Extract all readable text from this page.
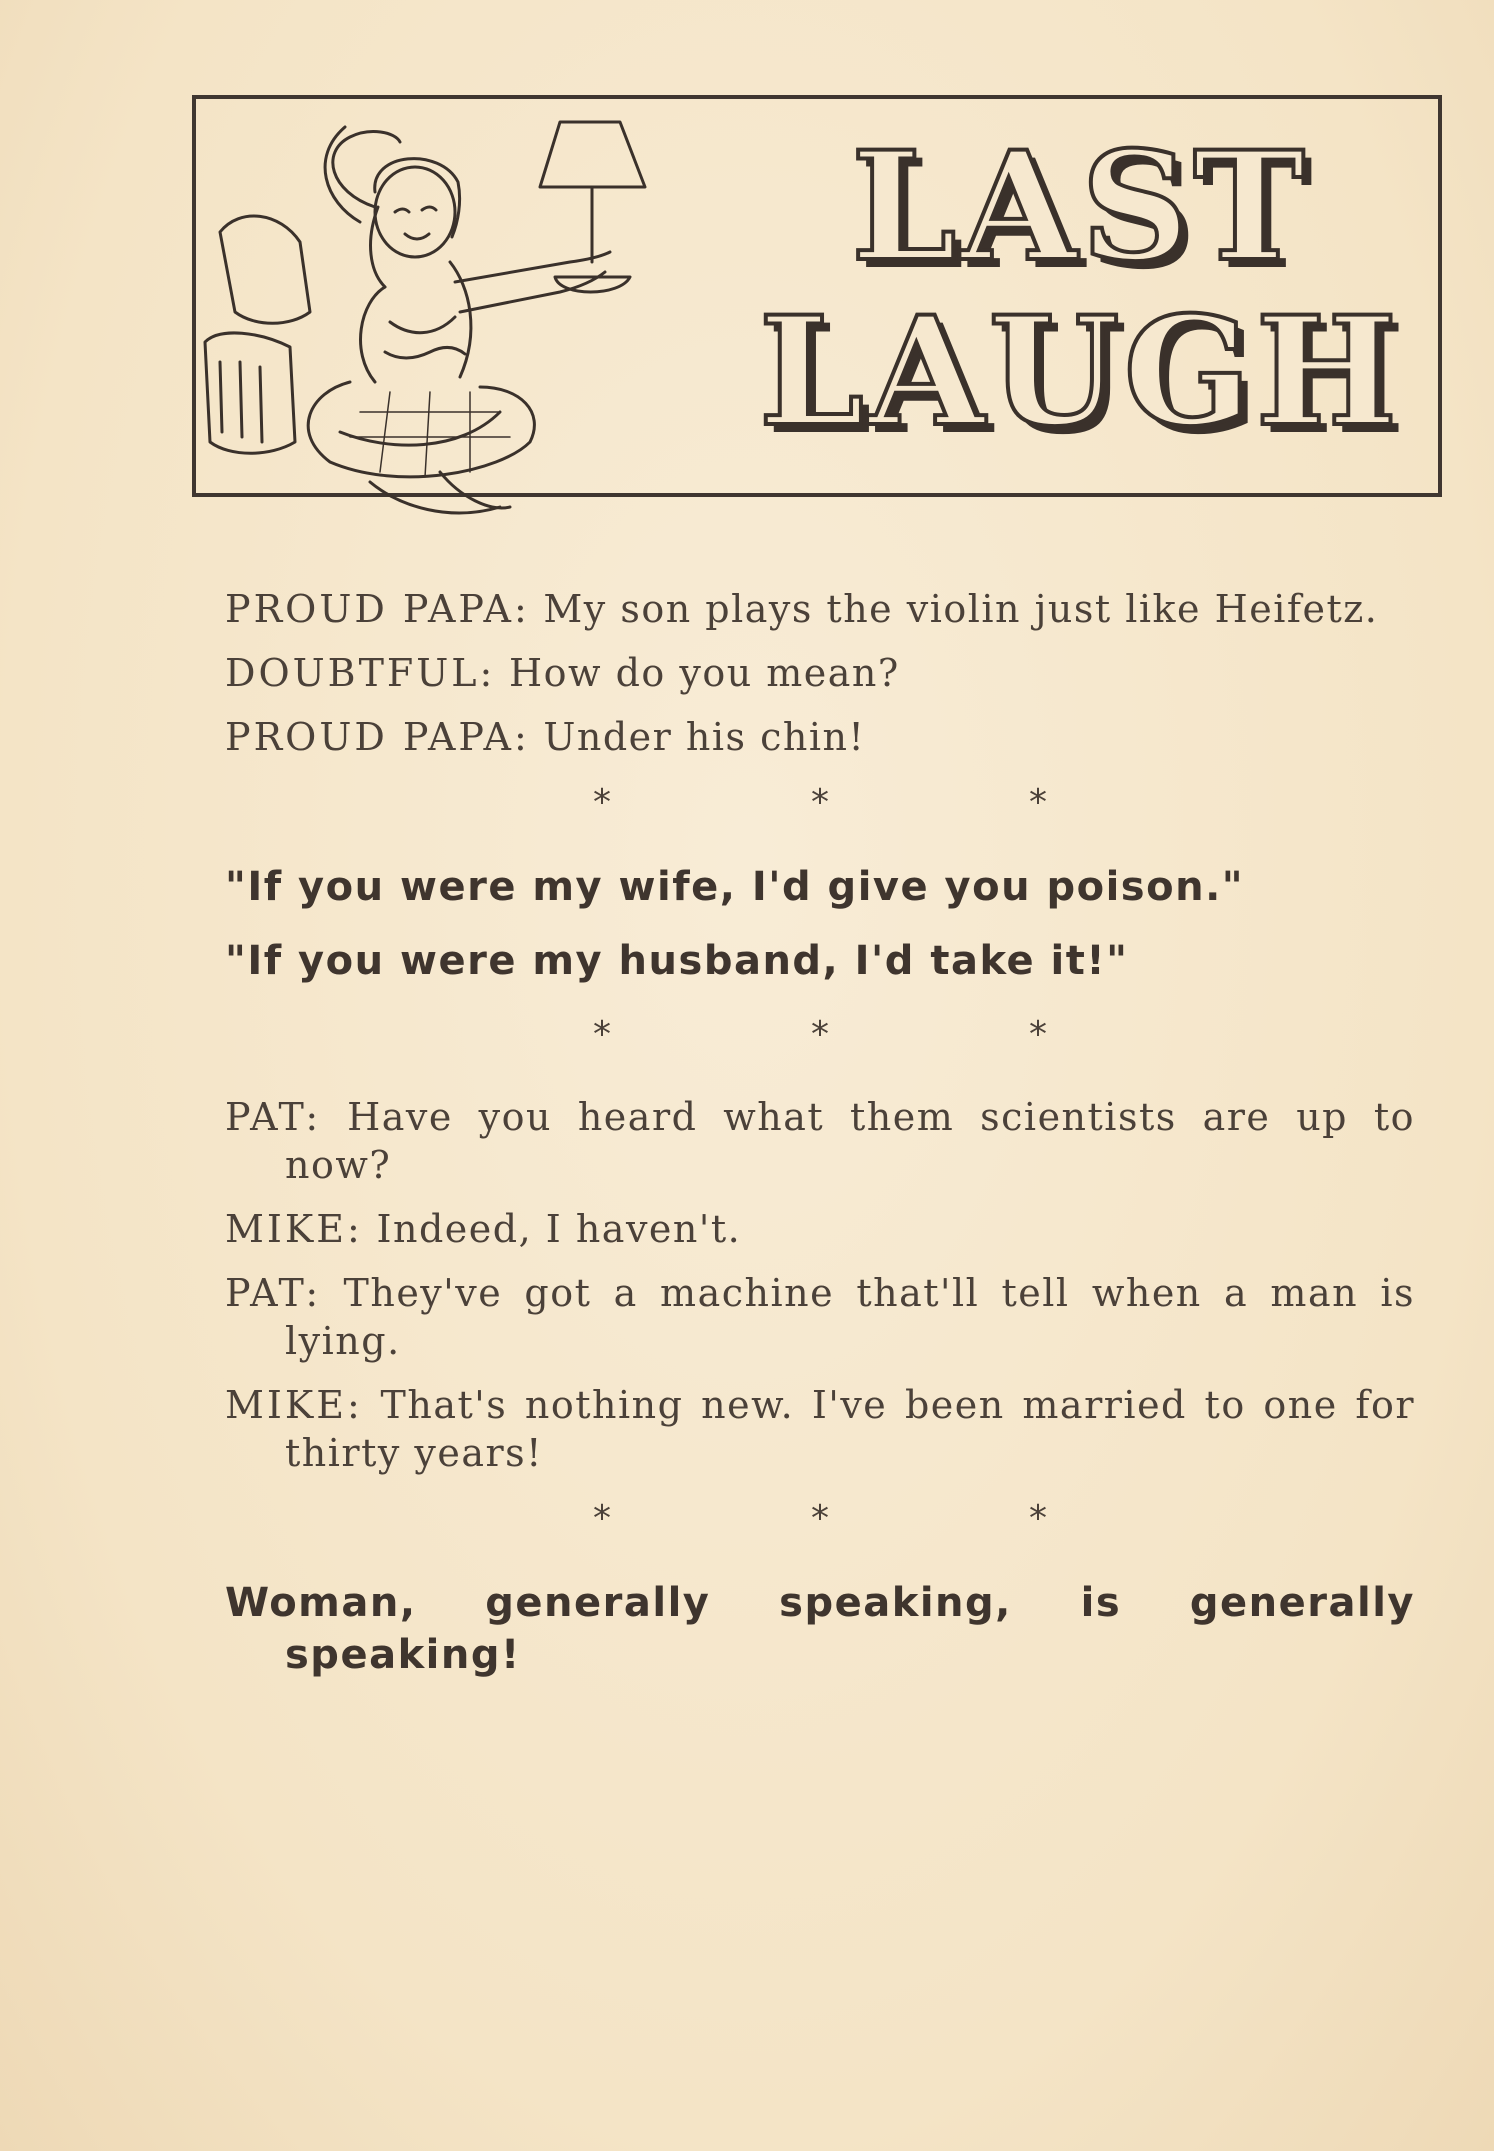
LAST
LAUGH

PROUD PAPA: My son plays the violin just like Heifetz.

DOUBTFUL: How do you mean?

PROUD PAPA: Under his chin!

*	*	*

"If you were my wife, I'd give you poison."

"If you were my husband, I'd take it!"

*	*	*

PAT: Have you heard what them scientists are up to now?

MIKE: Indeed, I haven't.

PAT: They've got a machine that'll tell when a man is lying.

MIKE: That's nothing new. I've been married to one for thirty years!

*	*	*

Woman, generally speaking, is generally speaking!
